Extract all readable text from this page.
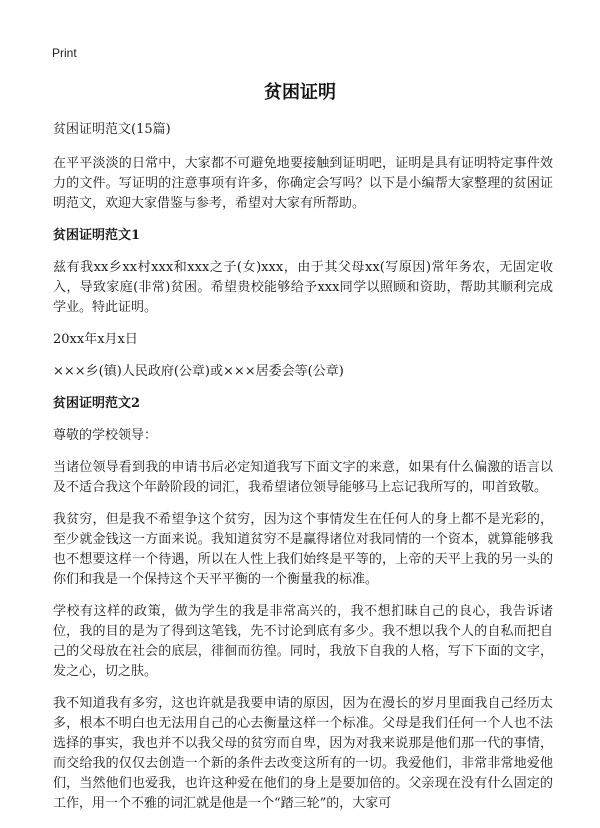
Print
贫困证明

贫困证明范文(15篇)

在平平淡淡的日常中，大家都不可避免地要接触到证明吧，证明是具有证明特定事件效力的文件。写证明的注意事项有许多，你确定会写吗？以下是小编帮大家整理的贫困证明范文，欢迎大家借鉴与参考，希望对大家有所帮助。

贫困证明范文1

兹有我xx乡xx村xxx和xxx之子(女)xxx，由于其父母xx(写原因)常年务农，无固定收入，导致家庭(非常)贫困。希望贵校能够给予xxx同学以照顾和资助，帮助其顺利完成学业。特此证明。

20xx年x月x日

×××乡(镇)人民政府(公章)或×××居委会等(公章)

贫困证明范文2

尊敬的学校领导：

当诸位领导看到我的申请书后必定知道我写下面文字的来意，如果有什么偏激的语言以及不适合我这个年龄阶段的词汇，我希望诸位领导能够马上忘记我所写的，叩首致敬。

我贫穷，但是我不希望争这个贫穷，因为这个事情发生在任何人的身上都不是光彩的，至少就金钱这一方面来说。我知道贫穷不是赢得诸位对我同情的一个资本，就算能够我也不想要这样一个待遇，所以在人性上我们始终是平等的，上帝的天平上我的另一头的你们和我是一个保持这个天平平衡的一个衡量我的标准。

学校有这样的政策，做为学生的我是非常高兴的，我不想扪昧自己的良心，我告诉诸位，我的目的是为了得到这笔钱，先不讨论到底有多少。我不想以我个人的自私而把自己的父母放在社会的底层，徘徊而彷徨。同时，我放下自我的人格，写下下面的文字，发之心，切之肤。

我不知道我有多穷，这也许就是我要申请的原因，因为在漫长的岁月里面我自己经历太多，根本不明白也无法用自己的心去衡量这样一个标准。父母是我们任何一个人也不法选择的事实，我也并不以我父母的贫穷而自卑，因为对我来说那是他们那一代的事情，而交给我的仅仅去创造一个新的条件去改变这所有的一切。我爱他们，非常非常地爱他们，当然他们也爱我，也许这种爱在他们的身上是要加倍的。父亲现在没有什么固定的工作，用一个不雅的词汇就是他是一个“踏三轮”的，大家可
